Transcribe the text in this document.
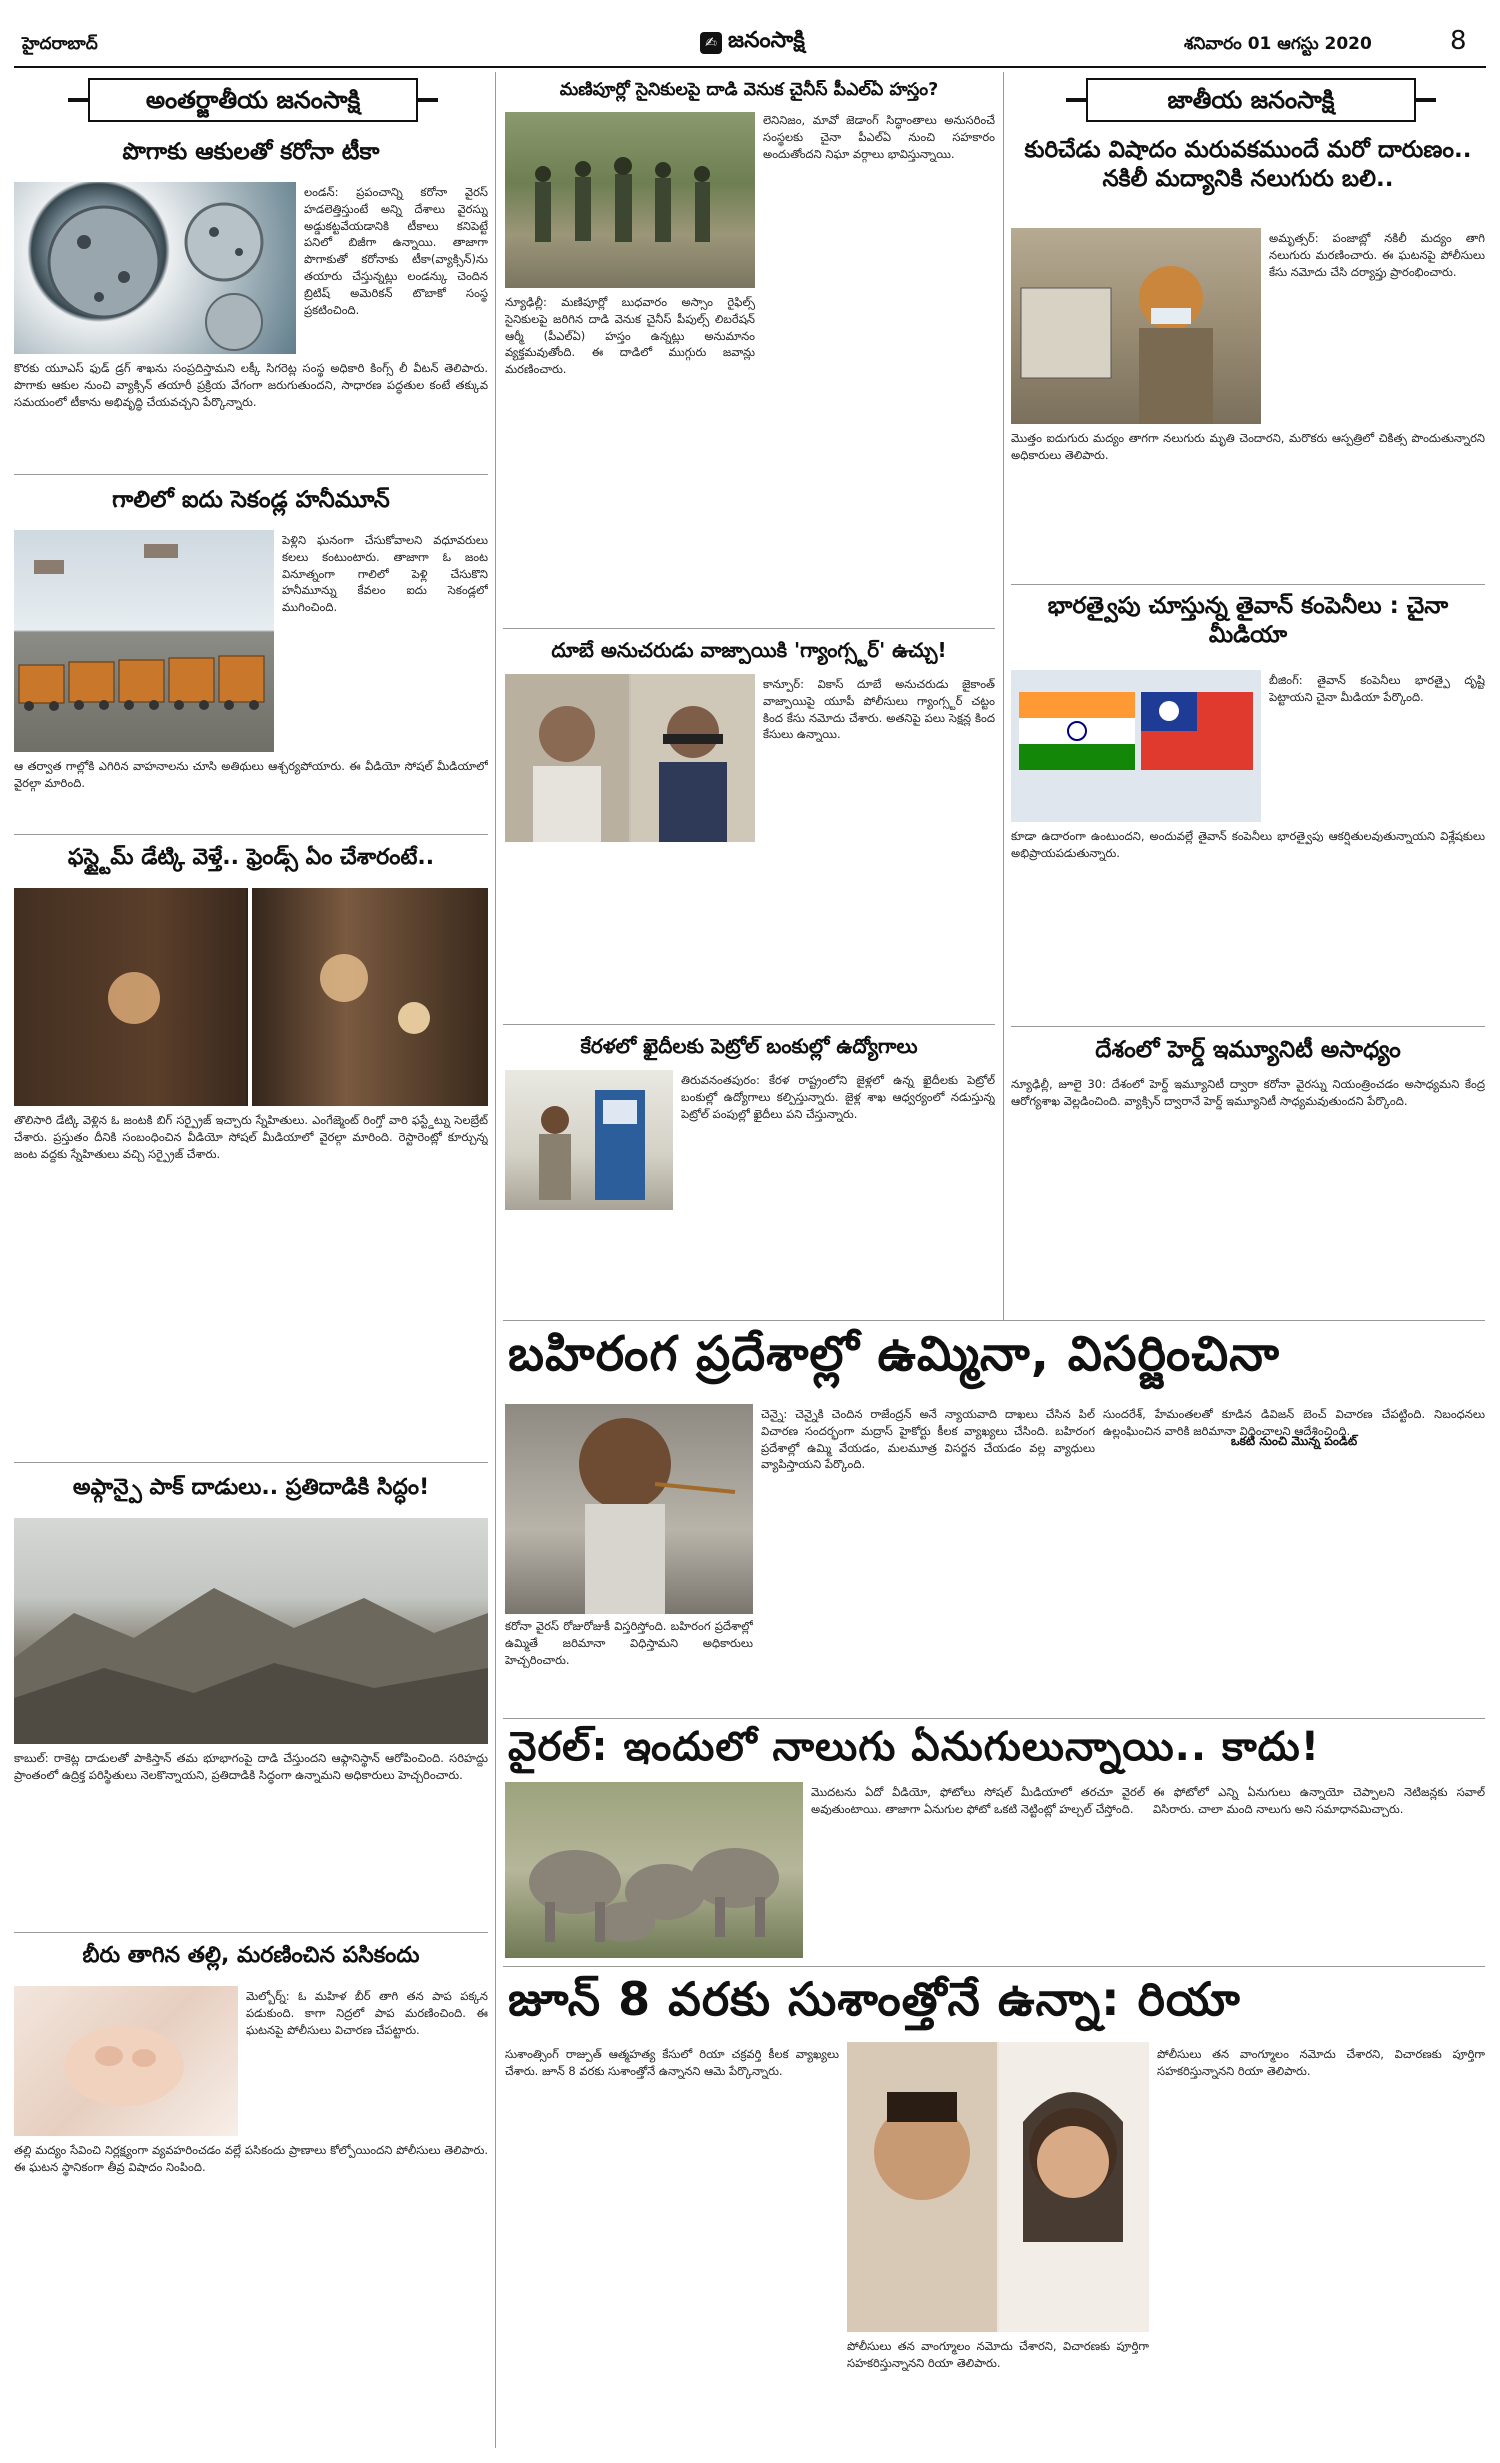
హైదరాబాద్	✍ జనంసాక్షి	శనివారం 01 ఆగస్టు 2020	8
అంతర్జాతీయ జనంసాక్షి
పొగాకు ఆకులతో కరోనా టీకా
లండన్: ప్రపంచాన్ని కరోనా వైరస్ హడలెత్తిస్తుంటే అన్ని దేశాలు వైరస్ను అడ్డుకట్టవేయడానికి టీకాలు కనిపెట్టే పనిలో బిజీగా ఉన్నాయి. తాజాగా పొగాకుతో కరోనాకు టీకా(వ్యాక్సిన్)ను తయారు చేస్తున్నట్లు లండన్కు చెందిన బ్రిటిష్ అమెరికన్ టొబాకో సంస్థ ప్రకటించింది.
కొరకు యూఎస్ ఫుడ్ డ్రగ్ శాఖను సంప్రదిస్తామని లక్కీ సిగరెట్ల సంస్థ అధికారి కింగ్స్ లీ వీటన్ తెలిపారు. పొగాకు ఆకుల నుంచి వ్యాక్సిన్ తయారీ ప్రక్రియ వేగంగా జరుగుతుందని, సాధారణ పద్ధతుల కంటే తక్కువ సమయంలో టీకాను అభివృద్ధి చేయవచ్చని పేర్కొన్నారు.
గాలిలో ఐదు సెకండ్ల హనీమూన్
పెళ్లిని ఘనంగా చేసుకోవాలని వధూవరులు కలలు కంటుంటారు. తాజాగా ఓ జంట వినూత్నంగా గాలిలో పెళ్లి చేసుకొని హనీమూన్ను కేవలం ఐదు సెకండ్లలో ముగించింది.
ఆ తర్వాత గాల్లోకి ఎగిరిన వాహనాలను చూసి అతిథులు ఆశ్చర్యపోయారు. ఈ వీడియో సోషల్ మీడియాలో వైరల్గా మారింది.
ఫస్ట్టైమ్ డేట్కి వెళ్తే.. ఫ్రెండ్స్ ఏం చేశారంటే..
తొలిసారి డేట్కి వెళ్లిన ఓ జంటకి బిగ్ సర్ప్రైజ్ ఇచ్చారు స్నేహితులు. ఎంగేజ్మెంట్ రింగ్తో వారి ఫస్ట్డేట్ను సెలబ్రేట్ చేశారు. ప్రస్తుతం దీనికి సంబంధించిన వీడియో సోషల్ మీడియాలో వైరల్గా మారింది. రెస్టారెంట్లో కూర్చున్న జంట వద్దకు స్నేహితులు వచ్చి సర్ప్రైజ్ చేశారు.
అఫ్గాన్పై పాక్ దాడులు.. ప్రతిదాడికి సిద్ధం!
కాబుల్: రాకెట్ల దాడులతో పాకిస్తాన్ తమ భూభాగంపై దాడి చేస్తుందని ఆఫ్గానిస్థాన్ ఆరోపించింది. సరిహద్దు ప్రాంతంలో ఉద్రిక్త పరిస్థితులు నెలకొన్నాయని, ప్రతిదాడికి సిద్ధంగా ఉన్నామని అధికారులు హెచ్చరించారు.
బీరు తాగిన తల్లి, మరణించిన పసికందు
మెల్బోర్న్: ఓ మహిళ బీర్ తాగి తన పాప పక్కన పడుకుంది. కాగా నిద్రలో పాప మరణించింది. ఈ ఘటనపై పోలీసులు విచారణ చేపట్టారు.
తల్లి మద్యం సేవించి నిర్లక్ష్యంగా వ్యవహరించడం వల్లే పసికందు ప్రాణాలు కోల్పోయిందని పోలీసులు తెలిపారు. ఈ ఘటన స్థానికంగా తీవ్ర విషాదం నింపింది.
మణిపూర్లో సైనికులపై దాడి వెనుక చైనీస్ పీఎల్ఏ హస్తం?
లెనినిజం, మావో జెడాంగ్ సిద్ధాంతాలు అనుసరించే సంస్థలకు చైనా పీఎల్ఏ నుంచి సహకారం అందుతోందని నిఘా వర్గాలు భావిస్తున్నాయి.
న్యూఢిల్లీ: మణిపూర్లో బుధవారం అస్సాం రైఫిల్స్ సైనికులపై జరిగిన దాడి వెనుక చైనీస్ పీపుల్స్ లిబరేషన్ ఆర్మీ (పీఎల్ఏ) హస్తం ఉన్నట్లు అనుమానం వ్యక్తమవుతోంది. ఈ దాడిలో ముగ్గురు జవాన్లు మరణించారు.
దూబే అనుచరుడు వాజ్పాయికి 'గ్యాంగ్స్టర్' ఉచ్చు!
కాన్పూర్: వికాస్ దూబే అనుచరుడు జైకాంత్ వాజ్పాయిపై యూపీ పోలీసులు గ్యాంగ్స్టర్ చట్టం కింద కేసు నమోదు చేశారు. అతనిపై పలు సెక్షన్ల కింద కేసులు ఉన్నాయి.
కేరళలో ఖైదీలకు పెట్రోల్ బంకుల్లో ఉద్యోగాలు
తిరువనంతపురం: కేరళ రాష్ట్రంలోని జైళ్లలో ఉన్న ఖైదీలకు పెట్రోల్ బంకుల్లో ఉద్యోగాలు కల్పిస్తున్నారు. జైళ్ల శాఖ ఆధ్వర్యంలో నడుస్తున్న పెట్రోల్ పంపుల్లో ఖైదీలు పని చేస్తున్నారు.
జాతీయ జనంసాక్షి
కురిచేడు విషాదం మరువకముందే మరో దారుణం.. నకిలీ మద్యానికి నలుగురు బలి..
అమృత్సర్: పంజాబ్లో నకిలీ మద్యం తాగి నలుగురు మరణించారు. ఈ ఘటనపై పోలీసులు కేసు నమోదు చేసి దర్యాప్తు ప్రారంభించారు.
మొత్తం ఐదుగురు మద్యం తాగగా నలుగురు మృతి చెందారని, మరొకరు ఆస్పత్రిలో చికిత్స పొందుతున్నారని అధికారులు తెలిపారు.
భారత్వైపు చూస్తున్న తైవాన్ కంపెనీలు : చైనా మీడియా
బీజింగ్: తైవాన్ కంపెనీలు భారత్పై దృష్టి పెట్టాయని చైనా మీడియా పేర్కొంది.
కూడా ఉదారంగా ఉంటుందని, అందువల్లే తైవాన్ కంపెనీలు భారత్వైపు ఆకర్షితులవుతున్నాయని విశ్లేషకులు అభిప్రాయపడుతున్నారు.
దేశంలో హెర్డ్ ఇమ్యూనిటీ అసాధ్యం
న్యూఢిల్లీ, జూలై 30: దేశంలో హెర్డ్ ఇమ్యూనిటీ ద్వారా కరోనా వైరస్ను నియంత్రించడం అసాధ్యమని కేంద్ర ఆరోగ్యశాఖ వెల్లడించింది. వ్యాక్సిన్ ద్వారానే హెర్డ్ ఇమ్యూనిటీ సాధ్యమవుతుందని పేర్కొంది.
బహిరంగ ప్రదేశాల్లో ఉమ్మినా, విసర్జించినా
కరోనా వైరస్ రోజురోజుకీ విస్తరిస్తోంది. బహిరంగ ప్రదేశాల్లో ఉమ్మితే జరిమానా విధిస్తామని అధికారులు హెచ్చరించారు.
చెన్నై: చెన్నైకి చెందిన రాజేంద్రన్ అనే న్యాయవాది దాఖలు చేసిన పిల్ విచారణ సందర్భంగా మద్రాస్ హైకోర్టు కీలక వ్యాఖ్యలు చేసింది. బహిరంగ ప్రదేశాల్లో ఉమ్మి వేయడం, మలమూత్ర విసర్జన చేయడం వల్ల వ్యాధులు వ్యాపిస్తాయని పేర్కొంది.
ఒకటి నుంచి మొన్న పండిట్
సుందరేశ్, హేమంతలతో కూడిన డివిజన్ బెంచ్ విచారణ చేపట్టింది. నిబంధనలు ఉల్లంఘించిన వారికి జరిమానా విధించాలని ఆదేశించింది.
వైరల్: ఇందులో నాలుగు ఏనుగులున్నాయి.. కాదు!
మొదటను ఏదో వీడియో, ఫోటోలు సోషల్ మీడియాలో తరచూ వైరల్ అవుతుంటాయి. తాజాగా ఏనుగుల ఫోటో ఒకటి నెట్టింట్లో హల్చల్ చేస్తోంది.
ఈ ఫోటోలో ఎన్ని ఏనుగులు ఉన్నాయో చెప్పాలని నెటిజన్లకు సవాల్ విసిరారు. చాలా మంది నాలుగు అని సమాధానమిచ్చారు.
జూన్ 8 వరకు సుశాంత్తోనే ఉన్నా: రియా
సుశాంత్సింగ్ రాజ్పుత్ ఆత్మహత్య కేసులో రియా చక్రవర్తి కీలక వ్యాఖ్యలు చేశారు. జూన్ 8 వరకు సుశాంత్తోనే ఉన్నానని ఆమె పేర్కొన్నారు.
పోలీసులు తన వాంగ్మూలం నమోదు చేశారని, విచారణకు పూర్తిగా సహకరిస్తున్నానని రియా తెలిపారు.
పోలీసులు తన వాంగ్మూలం నమోదు చేశారని, విచారణకు పూర్తిగా సహకరిస్తున్నానని రియా తెలిపారు.
